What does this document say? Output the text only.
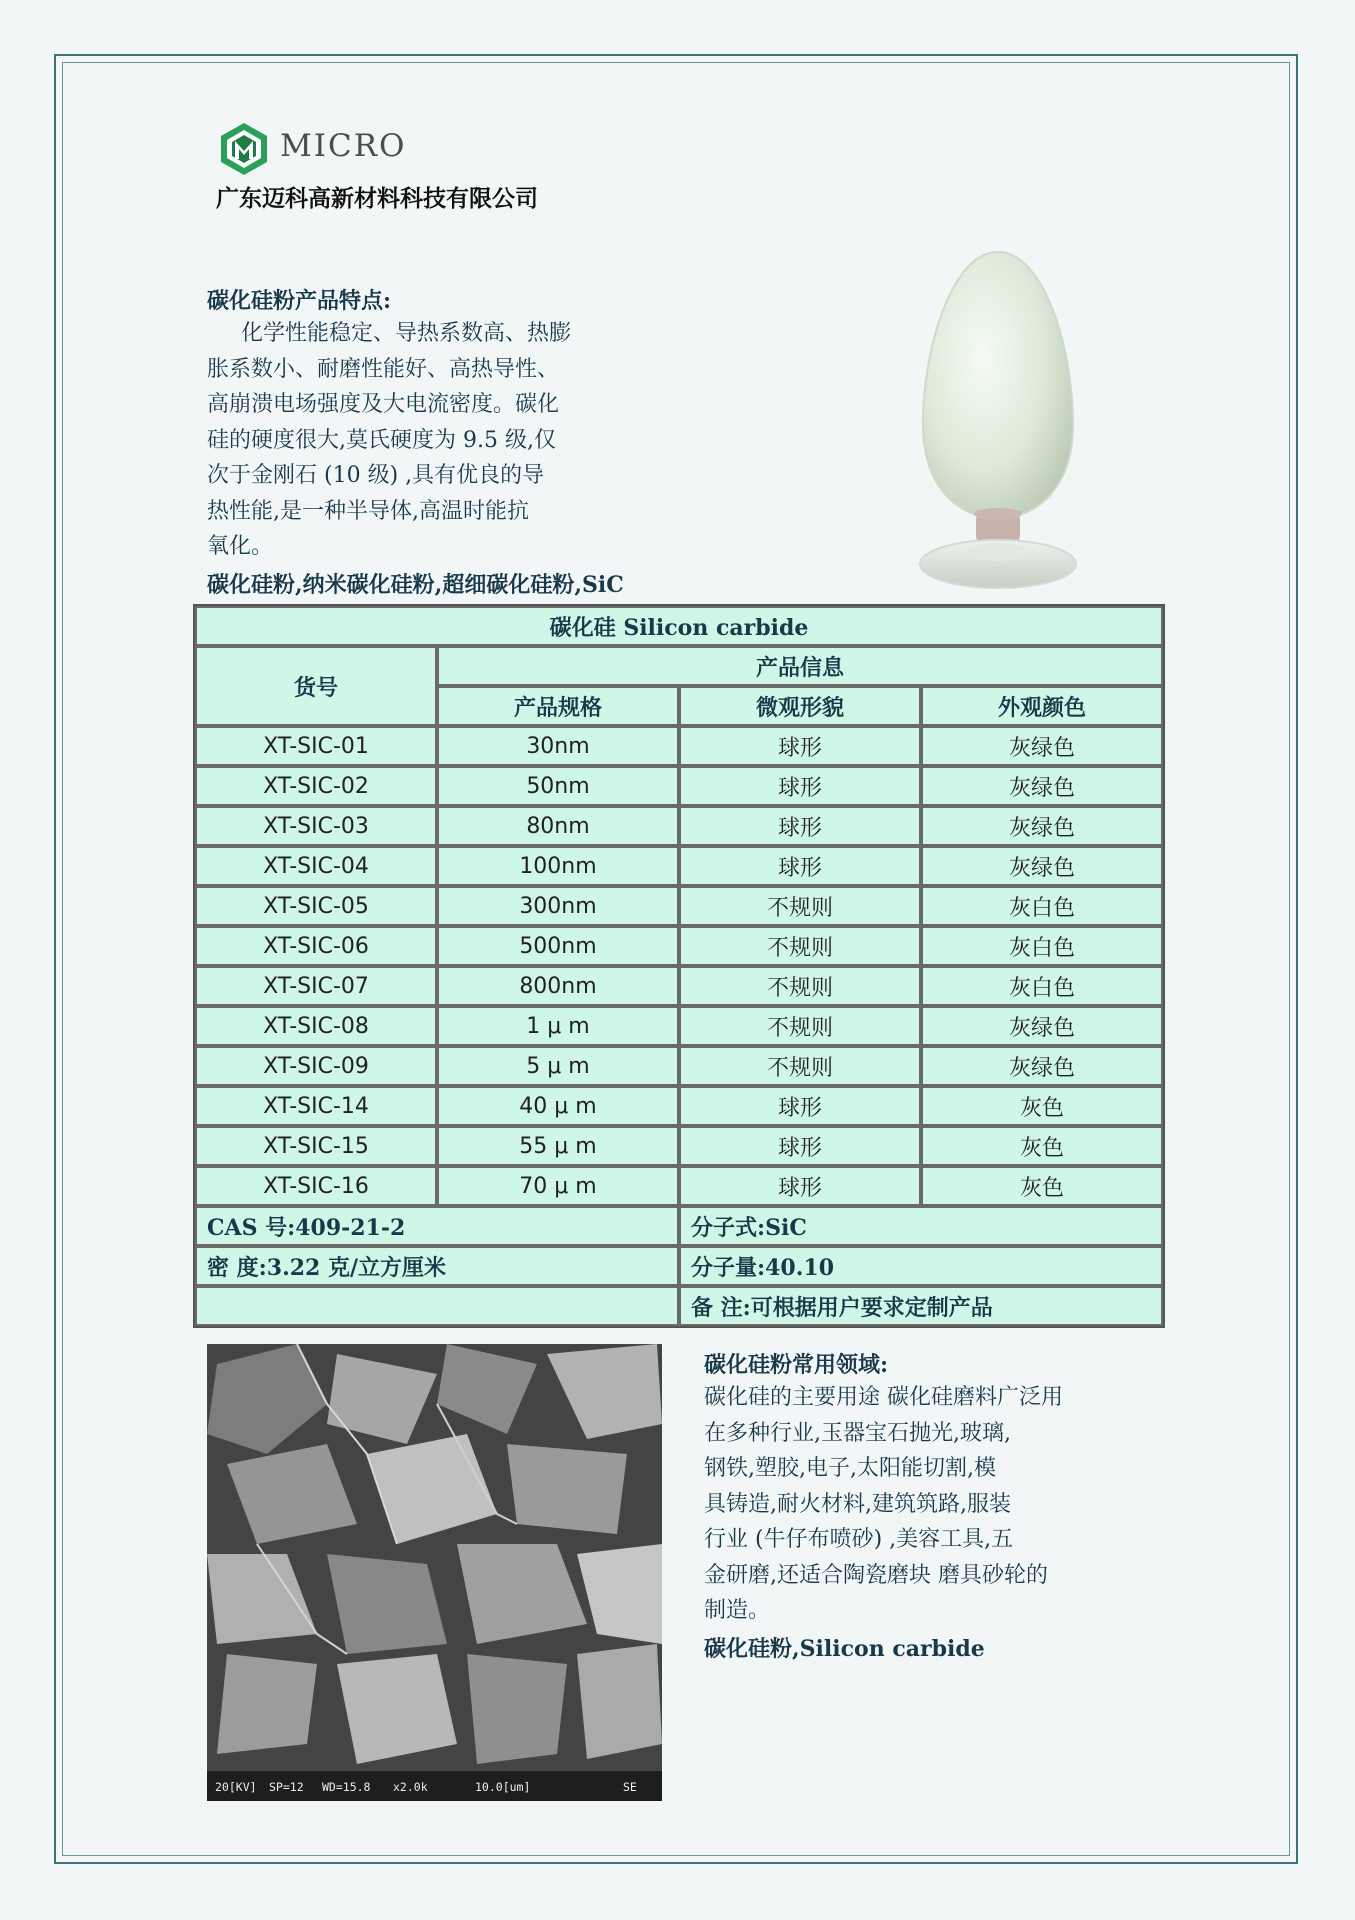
MICRO
广东迈科高新材料科技有限公司
碳化硅粉产品特点:
化学性能稳定、导热系数高、热膨
胀系数小、耐磨性能好、高热导性、
高崩溃电场强度及大电流密度。碳化
硅的硬度很大,莫氏硬度为 9.5 级,仅
次于金刚石 (10 级) ,具有优良的导
热性能,是一种半导体,高温时能抗
氧化。
碳化硅粉,纳米碳化硅粉,超细碳化硅粉,SiC
碳化硅 Silicon carbide			
货号	产品信息		
	产品规格	微观形貌	外观颜色
XT-SIC-01	30nm	球形	灰绿色
XT-SIC-02	50nm	球形	灰绿色
XT-SIC-03	80nm	球形	灰绿色
XT-SIC-04	100nm	球形	灰绿色
XT-SIC-05	300nm	不规则	灰白色
XT-SIC-06	500nm	不规则	灰白色
XT-SIC-07	800nm	不规则	灰白色
XT-SIC-08	1 μ m	不规则	灰绿色
XT-SIC-09	5 μ m	不规则	灰绿色
XT-SIC-14	40 μ m	球形	灰色
XT-SIC-15	55 μ m	球形	灰色
XT-SIC-16	70 μ m	球形	灰色
CAS 号:409-21-2		分子式:SiC	
密 度:3.22 克/立方厘米		分子量:40.10	
		备 注:可根据用户要求定制产品	
20[KV] SP=12 WD=15.8 x2.0k	10.0[um]	SE
碳化硅粉常用领域:
碳化硅的主要用途 碳化硅磨料广泛用
在多种行业,玉器宝石抛光,玻璃,
钢铁,塑胶,电子,太阳能切割,模
具铸造,耐火材料,建筑筑路,服装
行业 (牛仔布喷砂) ,美容工具,五
金研磨,还适合陶瓷磨块 磨具砂轮的
制造。
碳化硅粉,Silicon carbide
